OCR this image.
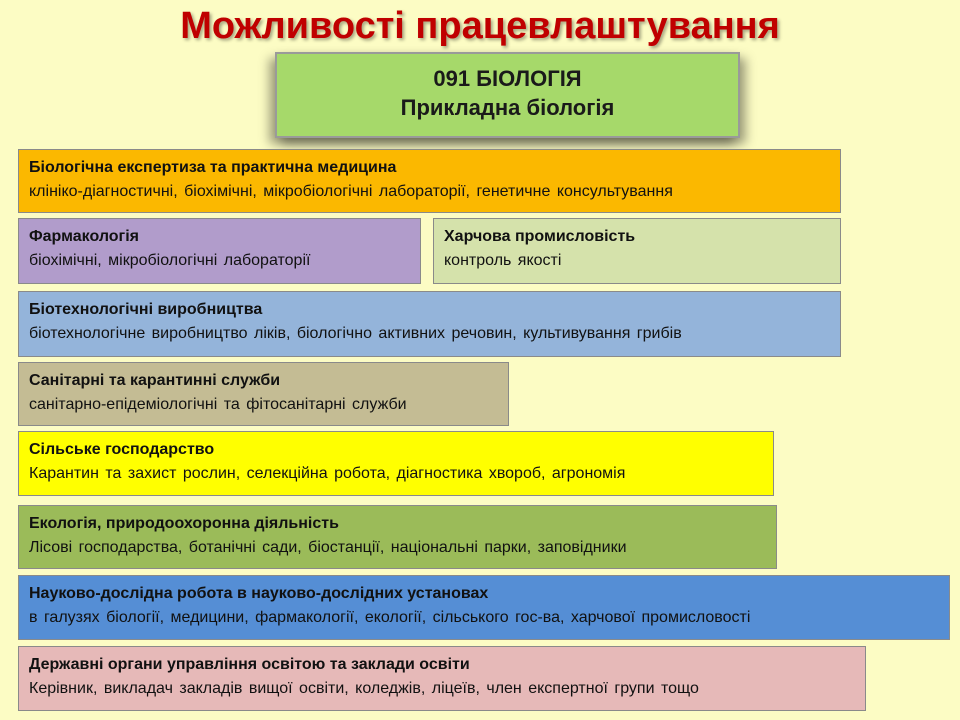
Можливості працевлаштування
091 БІОЛОГІЯ
Прикладна біологія
Біологічна експертиза та практична медицина
клініко-діагностичні, біохімічні, мікробіологічні лабораторії, генетичне консультування
Фармакологія
біохімічні, мікробіологічні лабораторії
Харчова промисловість
контроль якості
Біотехнологічні виробництва
біотехнологічне виробництво ліків, біологічно активних речовин, культивування грибів
Санітарні та карантинні служби
санітарно-епідеміологічні та фітосанітарні служби
Сільське господарство
Карантин та захист рослин, селекційна робота, діагностика хвороб, агрономія
Екологія, природоохоронна діяльність
Лісові господарства, ботанічні сади, біостанції, національні парки, заповідники
Науково-дослідна робота в науково-дослідних установах
в галузях біології, медицини, фармакології, екології, сільського гос-ва, харчової промисловості
Державні органи управління освітою та заклади освіти
Керівник, викладач закладів вищої освіти, коледжів, ліцеїв, член експертної групи тощо
